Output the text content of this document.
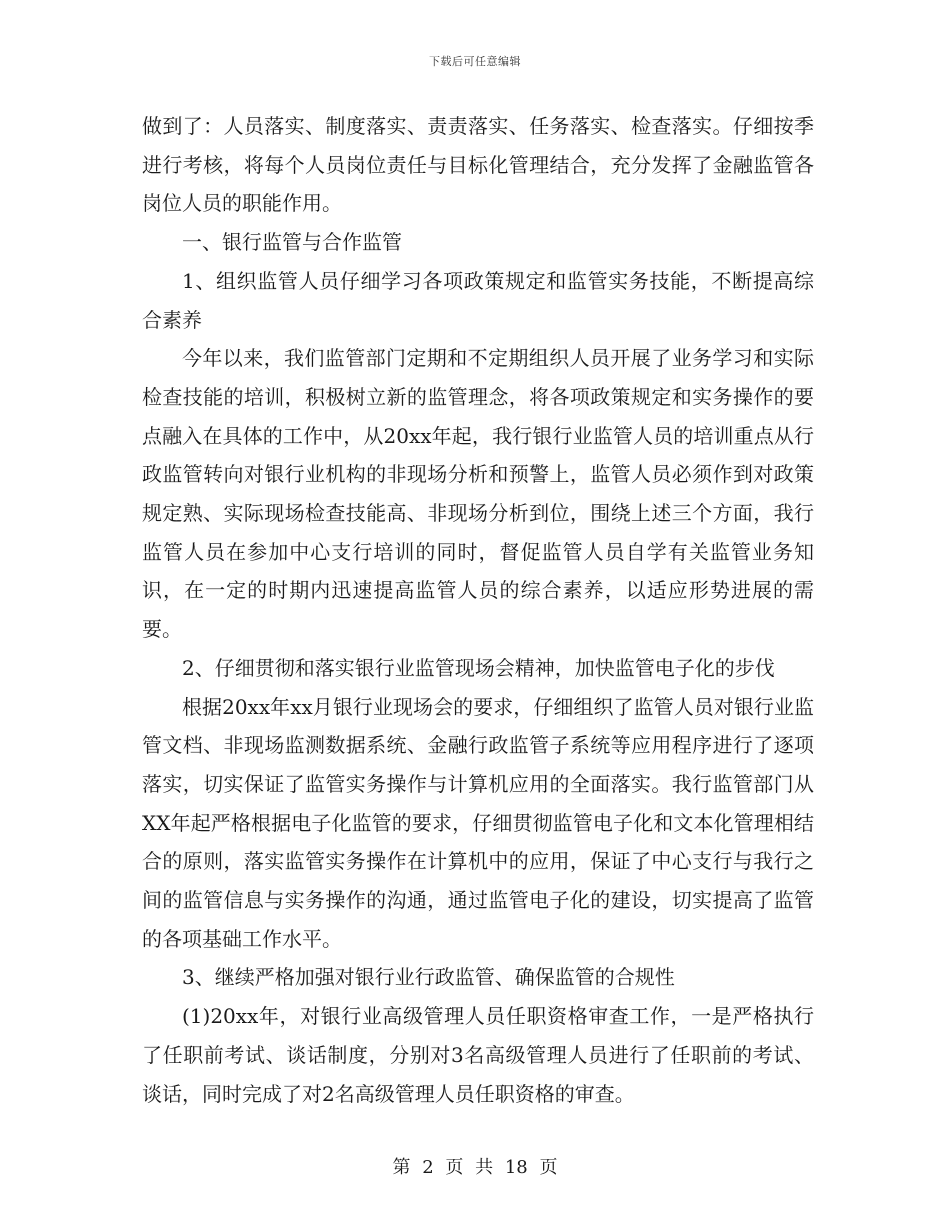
下载后可任意编辑

做到了：人员落实、制度落实、责责落实、任务落实、检查落实。仔细按季进行考核，将每个人员岗位责任与目标化管理结合，充分发挥了金融监管各岗位人员的职能作用。

一、银行监管与合作监管

1、组织监管人员仔细学习各项政策规定和监管实务技能，不断提高综合素养

今年以来，我们监管部门定期和不定期组织人员开展了业务学习和实际检查技能的培训，积极树立新的监管理念，将各项政策规定和实务操作的要点融入在具体的工作中，从20xx年起，我行银行业监管人员的培训重点从行政监管转向对银行业机构的非现场分析和预警上，监管人员必须作到对政策规定熟、实际现场检查技能高、非现场分析到位，围绕上述三个方面，我行监管人员在参加中心支行培训的同时，督促监管人员自学有关监管业务知识，在一定的时期内迅速提高监管人员的综合素养，以适应形势进展的需要。

2、仔细贯彻和落实银行业监管现场会精神，加快监管电子化的步伐

根据20xx年xx月银行业现场会的要求，仔细组织了监管人员对银行业监管文档、非现场监测数据系统、金融行政监管子系统等应用程序进行了逐项落实，切实保证了监管实务操作与计算机应用的全面落实。我行监管部门从XX年起严格根据电子化监管的要求，仔细贯彻监管电子化和文本化管理相结合的原则，落实监管实务操作在计算机中的应用，保证了中心支行与我行之间的监管信息与实务操作的沟通，通过监管电子化的建设，切实提高了监管的各项基础工作水平。

3、继续严格加强对银行业行政监管、确保监管的合规性

(1)20xx年，对银行业高级管理人员任职资格审查工作，一是严格执行了任职前考试、谈话制度，分别对3名高级管理人员进行了任职前的考试、谈话，同时完成了对2名高级管理人员任职资格的审查。

第 2 页 共 18 页
